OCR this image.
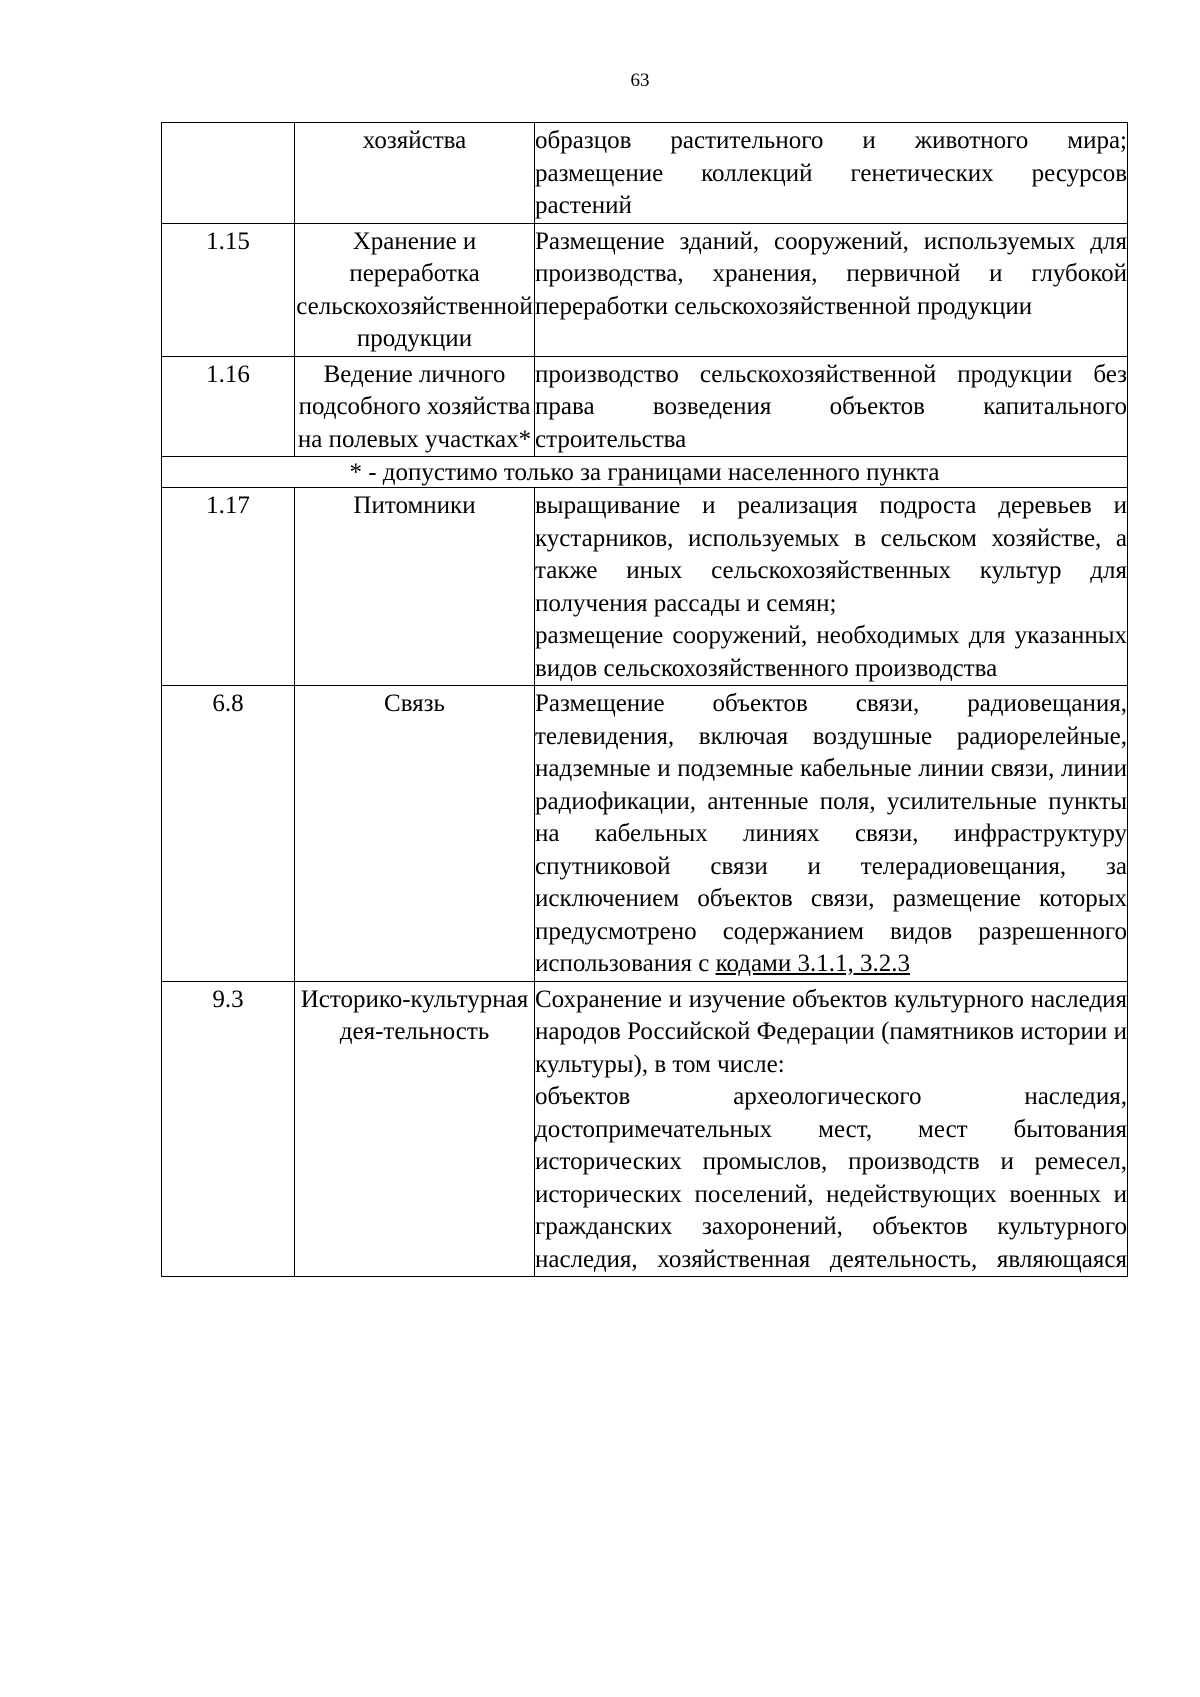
63
	хозяйства	образцов растительного и животного мира; размещение коллекций генетических ресурсов растений

1.15	Хранение и переработка сельскохозяйственной продукции	Размещение зданий, сооружений, используемых для производства, хранения, первичной и глубокой переработки сельскохозяйственной продукции

1.16	Ведение личного подсобного хозяйства на полевых участках*	производство сельскохозяйственной продукции без права возведения объектов капитального строительства

* - допустимо только за границами населенного пункта		
1.17	Питомники	выращивание и реализация подроста деревьев и кустарников, используемых в сельском хозяйстве, а также иных сельскохозяйственных культур для получения рассады и семян;
размещение сооружений, необходимых для указанных видов сельскохозяйственного производства

6.8	Связь	Размещение объектов связи, радиовещания, телевидения, включая воздушные радиорелейные, надземные и подземные кабельные линии связи, линии радиофикации, антенные поля, усилительные пункты на кабельных линиях связи, инфраструктуру спутниковой связи и телерадиовещания, за исключением объектов связи, размещение которых предусмотрено содержанием видов разрешенного использования с кодами 3.1.1, 3.2.3

9.3	Историко-культурная дея-тельность	Сохранение и изучение объектов культурного наследия народов Российской Федерации (памятников истории и культуры), в том числе:
объектов археологического наследия, достопримечательных мест, мест бытования исторических промыслов, производств и ремесел, исторических поселений, недействующих военных и гражданских захоронений, объектов культурного наследия, хозяйственная деятельность, являющаяся
